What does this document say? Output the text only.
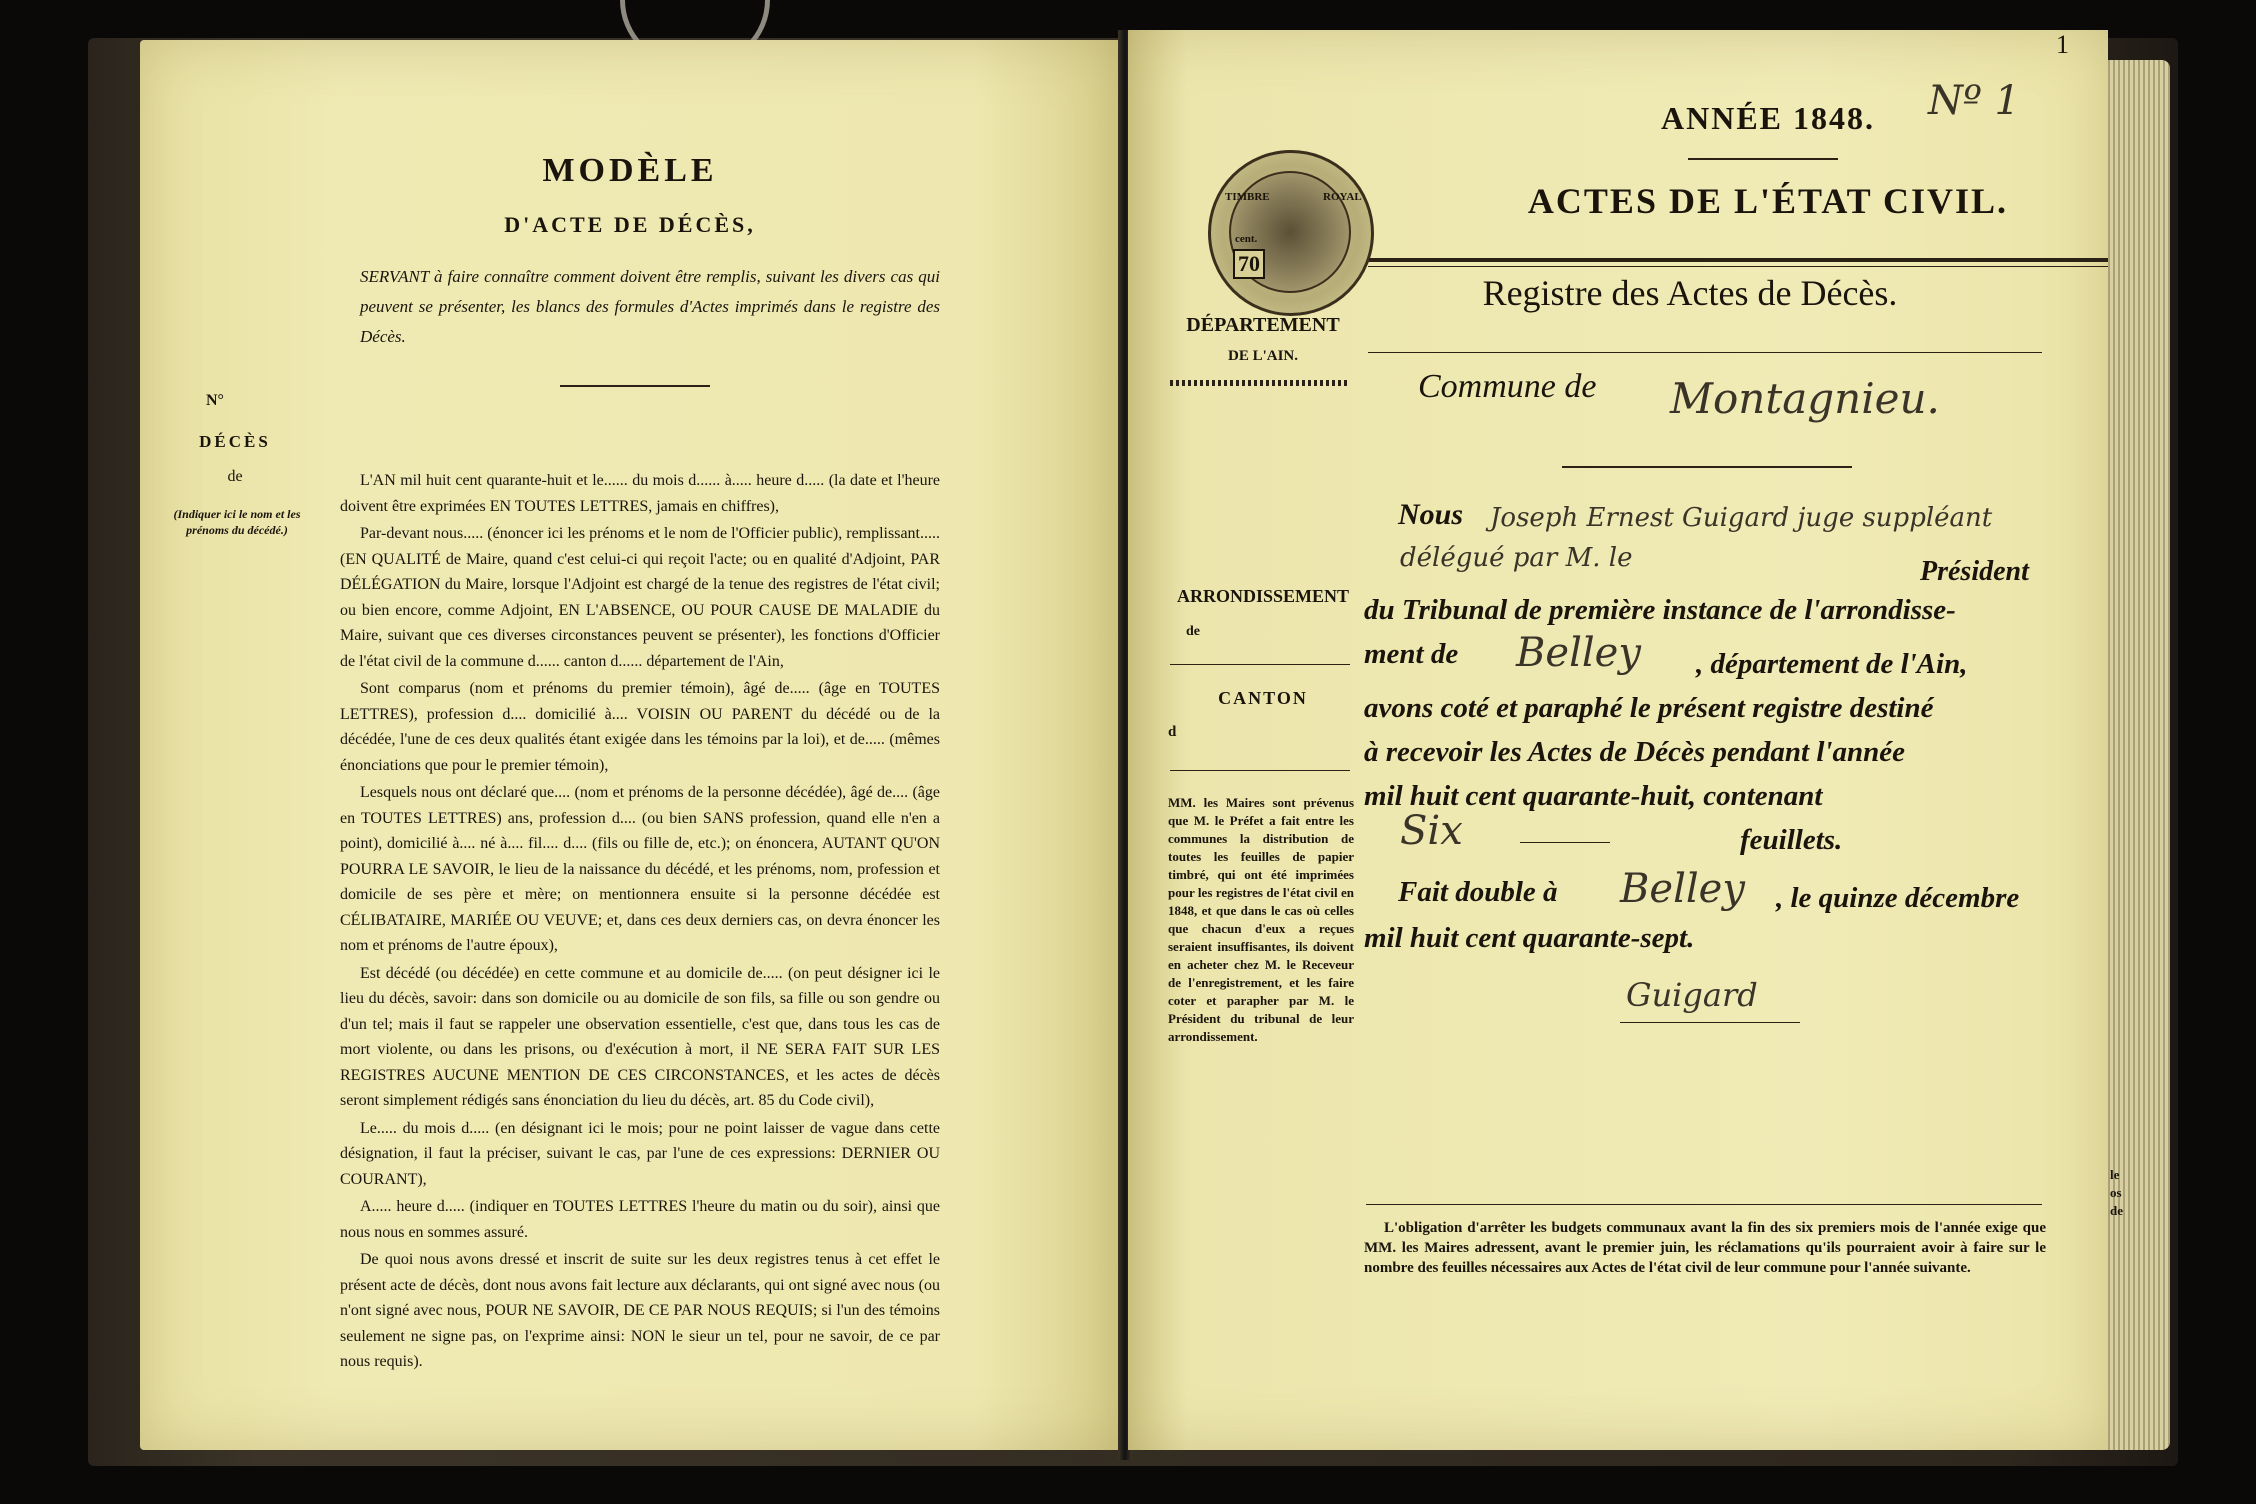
MODÈLE
D'ACTE DE DÉCÈS,
SERVANT à faire connaître comment doivent être remplis, suivant les divers cas qui peuvent se présenter, les blancs des formules d'Actes imprimés dans le registre des Décès.
N°
DÉCÈS
de
(Indiquer ici le nom et les prénoms du décédé.)

L'AN mil huit cent quarante-huit et le...... du mois d...... à..... heure d..... (la date et l'heure doivent être exprimées EN TOUTES LETTRES, jamais en chiffres),

Par-devant nous..... (énoncer ici les prénoms et le nom de l'Officier public), remplissant..... (EN QUALITÉ de Maire, quand c'est celui-ci qui reçoit l'acte; ou en qualité d'Adjoint, PAR DÉLÉGATION du Maire, lorsque l'Adjoint est chargé de la tenue des registres de l'état civil; ou bien encore, comme Adjoint, EN L'ABSENCE, OU POUR CAUSE DE MALADIE du Maire, suivant que ces diverses circonstances peuvent se présenter), les fonctions d'Officier de l'état civil de la commune d...... canton d...... département de l'Ain,

Sont comparus (nom et prénoms du premier témoin), âgé de..... (âge en TOUTES LETTRES), profession d.... domicilié à.... VOISIN OU PARENT du décédé ou de la décédée, l'une de ces deux qualités étant exigée dans les témoins par la loi), et de..... (mêmes énonciations que pour le premier témoin),

Lesquels nous ont déclaré que.... (nom et prénoms de la personne décédée), âgé de.... (âge en TOUTES LETTRES) ans, profession d.... (ou bien SANS profession, quand elle n'en a point), domicilié à.... né à.... fil.... d.... (fils ou fille de, etc.); on énoncera, AUTANT QU'ON POURRA LE SAVOIR, le lieu de la naissance du décédé, et les prénoms, nom, profession et domicile de ses père et mère; on mentionnera ensuite si la personne décédée est CÉLIBATAIRE, MARIÉE OU VEUVE; et, dans ces deux derniers cas, on devra énoncer les nom et prénoms de l'autre époux),

Est décédé (ou décédée) en cette commune et au domicile de..... (on peut désigner ici le lieu du décès, savoir: dans son domicile ou au domicile de son fils, sa fille ou son gendre ou d'un tel; mais il faut se rappeler une observation essentielle, c'est que, dans tous les cas de mort violente, ou dans les prisons, ou d'exécution à mort, il NE SERA FAIT SUR LES REGISTRES AUCUNE MENTION DE CES CIRCONSTANCES, et les actes de décès seront simplement rédigés sans énonciation du lieu du décès, art. 85 du Code civil),

Le..... du mois d..... (en désignant ici le mois; pour ne point laisser de vague dans cette désignation, il faut la préciser, suivant le cas, par l'une de ces expressions: DERNIER OU COURANT),

A..... heure d..... (indiquer en TOUTES LETTRES l'heure du matin ou du soir), ainsi que nous nous en sommes assuré.

De quoi nous avons dressé et inscrit de suite sur les deux registres tenus à cet effet le présent acte de décès, dont nous avons fait lecture aux déclarants, qui ont signé avec nous (ou n'ont signé avec nous, POUR NE SAVOIR, DE CE PAR NOUS REQUIS; si l'un des témoins seulement ne signe pas, on l'exprime ainsi: NON le sieur un tel, pour ne savoir, de ce par nous requis).

1
Nº 1
ANNÉE 1848.
ACTES DE L'ÉTAT CIVIL.
TIMBRE	ROYAL
cent.
70
DÉPARTEMENT
DE L'AIN.
Registre des Actes de Décès.
Commune de Montagnieu.
Nous	Joseph Ernest Guigard juge suppléant délégué par M. le	Président
ARRONDISSEMENT
de
CANTON
d
MM. les Maires sont prévenus que M. le Préfet a fait entre les communes la distribution de toutes les feuilles de papier timbré, qui ont été imprimées pour les registres de l'état civil en 1848, et que dans le cas où celles que chacun d'eux a reçues seraient insuffisantes, ils doivent en acheter chez M. le Receveur de l'enregistrement, et les faire coter et parapher par M. le Président du tribunal de leur arrondissement.
du Tribunal de première instance de l'arrondisse-
ment de Belley , département de l'Ain,
avons coté et paraphé le présent registre destiné
à recevoir les Actes de Décès pendant l'année
mil huit cent quarante-huit, contenant
Six	feuillets.
Fait double à Belley , le quinze décembre
mil huit cent quarante-sept.
Guigard
L'obligation d'arrêter les budgets communaux avant la fin des six premiers mois de l'année exige que MM. les Maires adressent, avant le premier juin, les réclamations qu'ils pourraient avoir à faire sur le nombre des feuilles nécessaires aux Actes de l'état civil de leur commune pour l'année suivante.
le os de
